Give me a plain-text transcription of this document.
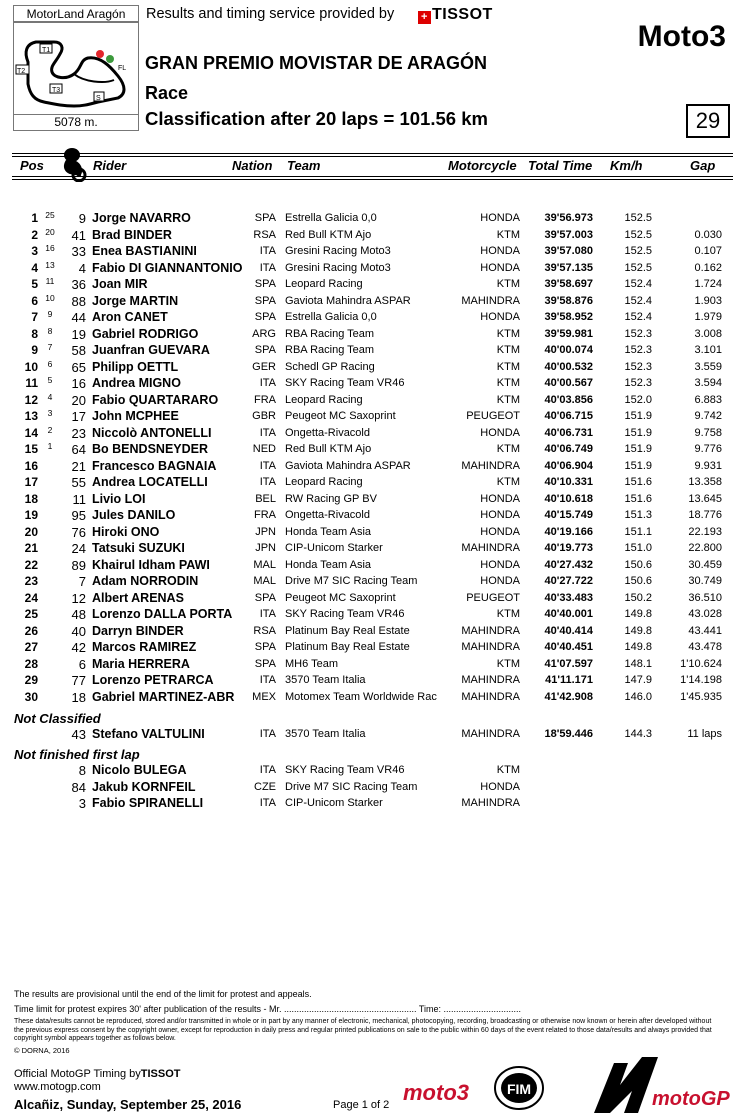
MotorLand Aragón
T1
T2
T3
S
FL
5078 m.
Results and timing service provided by + TISSOT
Moto3
GRAN PREMIO MOVISTAR DE ARAGÓN
Race
Classification after 20 laps = 101.56 km	29
Pos	Rider	Nation Team	Motorcycle Total Time Km/h	Gap
1 25	9 Jorge NAVARRO	SPA Estrella Galicia 0,0	HONDA	39'56.973	152.5
2 20	41 Brad BINDER	RSA Red Bull KTM Ajo	KTM	39'57.003	152.5	0.030
3 16	33 Enea BASTIANINI	ITA Gresini Racing Moto3	HONDA	39'57.080	152.5	0.107
4 13	4 Fabio DI GIANNANTONIO	ITA Gresini Racing Moto3	HONDA	39'57.135	152.5	0.162
5 11	36 Joan MIR	SPA Leopard Racing	KTM	39'58.697	152.4	1.724
6 10	88 Jorge MARTIN	SPA Gaviota Mahindra ASPAR	MAHINDRA	39'58.876	152.4	1.903
7	9	44 Aron CANET	SPA Estrella Galicia 0,0	HONDA	39'58.952	152.4	1.979
8	8	19 Gabriel RODRIGO	ARG RBA Racing Team	KTM	39'59.981	152.3	3.008
9	7	58 Juanfran GUEVARA	SPA RBA Racing Team	KTM	40'00.074	152.3	3.101
10	6	65 Philipp OETTL	GER Schedl GP Racing	KTM	40'00.532	152.3	3.559
11	5	16 Andrea MIGNO	ITA SKY Racing Team VR46	KTM	40'00.567	152.3	3.594
12	4	20 Fabio QUARTARARO	FRA Leopard Racing	KTM	40'03.856	152.0	6.883
13	3	17 John MCPHEE	GBR Peugeot MC Saxoprint	PEUGEOT	40'06.715	151.9	9.742
14	2	23 Niccolò ANTONELLI	ITA Ongetta-Rivacold	HONDA	40'06.731	151.9	9.758
15	1	64 Bo BENDSNEYDER	NED Red Bull KTM Ajo	KTM	40'06.749	151.9	9.776
16	21 Francesco BAGNAIA	ITA Gaviota Mahindra ASPAR	MAHINDRA	40'06.904	151.9	9.931
17	55 Andrea LOCATELLI	ITA Leopard Racing	KTM	40'10.331	151.6	13.358
18	11 Livio LOI	BEL RW Racing GP BV	HONDA	40'10.618	151.6	13.645
19	95 Jules DANILO	FRA Ongetta-Rivacold	HONDA	40'15.749	151.3	18.776
20	76 Hiroki ONO	JPN Honda Team Asia	HONDA	40'19.166	151.1	22.193
21	24 Tatsuki SUZUKI	JPN CIP-Unicom Starker	MAHINDRA	40'19.773	151.0	22.800
22	89 Khairul Idham PAWI	MAL Honda Team Asia	HONDA	40'27.432	150.6	30.459
23	7 Adam NORRODIN	MAL Drive M7 SIC Racing Team	HONDA	40'27.722	150.6	30.749
24	12 Albert ARENAS	SPA Peugeot MC Saxoprint	PEUGEOT	40'33.483	150.2	36.510
25	48 Lorenzo DALLA PORTA	ITA SKY Racing Team VR46	KTM	40'40.001	149.8	43.028
26	40 Darryn BINDER	RSA Platinum Bay Real Estate	MAHINDRA	40'40.414	149.8	43.441
27	42 Marcos RAMIREZ	SPA Platinum Bay Real Estate	MAHINDRA	40'40.451	149.8	43.478
28	6 Maria HERRERA	SPA MH6 Team	KTM	41'07.597	148.1	1'10.624
29	77 Lorenzo PETRARCA	ITA 3570 Team Italia	MAHINDRA	41'11.171	147.9	1'14.198
30	18 Gabriel MARTINEZ-ABR	MEX Motomex Team Worldwide Rac	MAHINDRA	41'42.908	146.0	1'45.935
43 Stefano VALTULINI	ITA 3570 Team Italia	MAHINDRA	18'59.446	144.3	11 laps
8 Nicolo BULEGA	ITA SKY Racing Team VR46	KTM
84 Jakub KORNFEIL	CZE Drive M7 SIC Racing Team	HONDA
3 Fabio SPIRANELLI	ITA CIP-Unicom Starker	MAHINDRA
Not Classified
Not finished first lap
The results are provisional until the end of the limit for protest and appeals.
Time limit for protest expires 30' after publication of the results - Mr. ..................................................... Time: ...............................
These data/results cannot be reproduced, stored and/or transmitted in whole or in part by any manner of electronic, mechanical, photocopying, recording, broadcasting or otherwise now known or herein after developed without the previous express consent by the copyright owner, except for reproduction in daily press and regular printed publications on sale to the public within 60 days of the event related to those data/results and always provided that copyright symbol appears together as follows below.
© DORNA, 2016
Official MotoGP Timing byTISSOT
www.motogp.com
Alcañiz, Sunday, September 25, 2016	Page 1 of 2 moto3	FIM	motoGP
